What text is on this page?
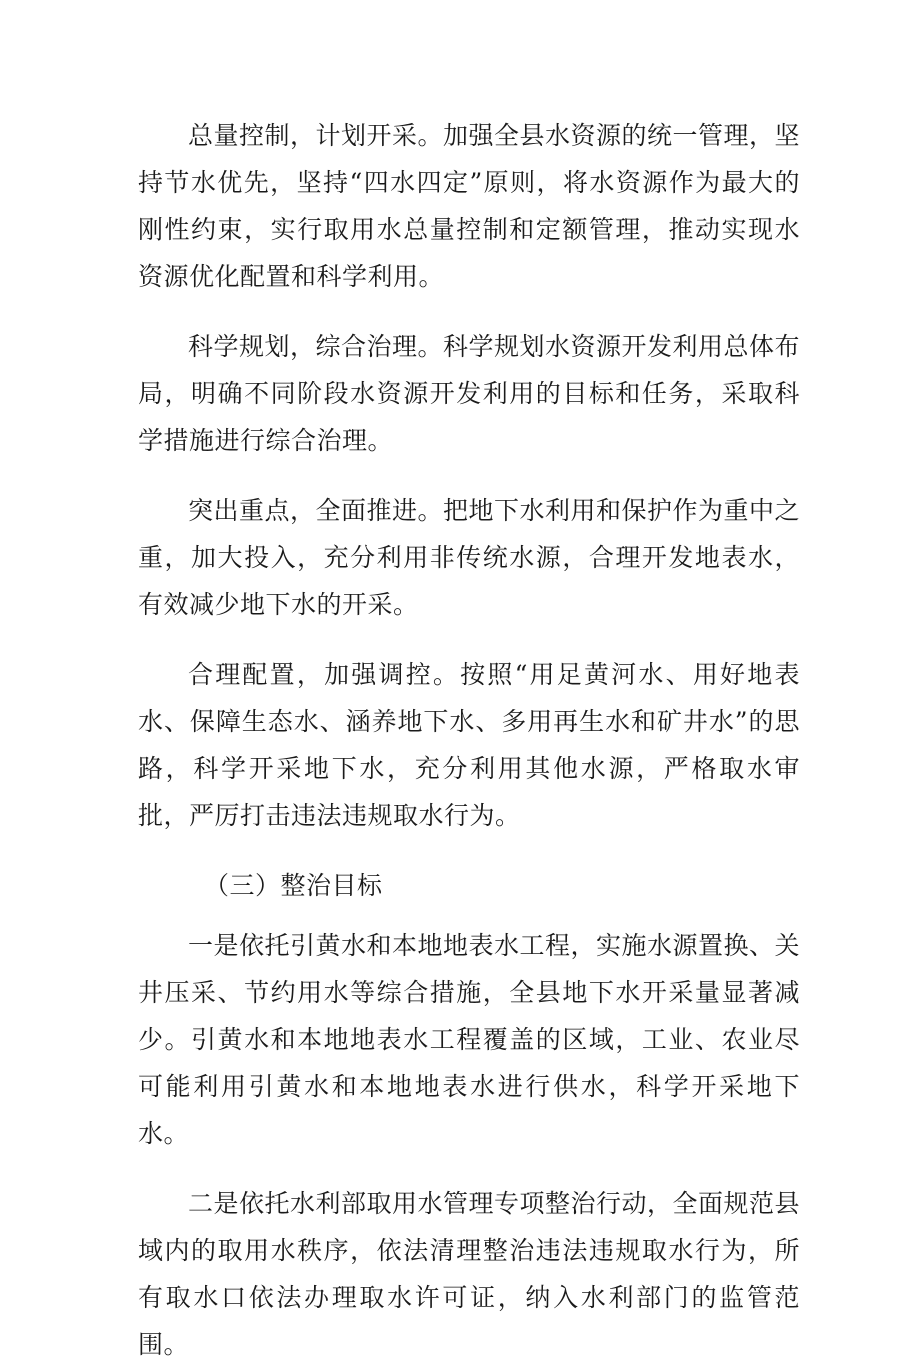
总量控制，计划开采。加强全县水资源的统一管理，坚持节水优先，坚持“四水四定”原则，将水资源作为最大的刚性约束，实行取用水总量控制和定额管理，推动实现水资源优化配置和科学利用。

科学规划，综合治理。科学规划水资源开发利用总体布局，明确不同阶段水资源开发利用的目标和任务，采取科学措施进行综合治理。

突出重点，全面推进。把地下水利用和保护作为重中之重，加大投入，充分利用非传统水源，合理开发地表水，有效减少地下水的开采。

合理配置，加强调控。按照“用足黄河水、用好地表水、保障生态水、涵养地下水、多用再生水和矿井水”的思路，科学开采地下水，充分利用其他水源，严格取水审批，严厉打击违法违规取水行为。

（三）整治目标

一是依托引黄水和本地地表水工程，实施水源置换、关井压采、节约用水等综合措施，全县地下水开采量显著减少。引黄水和本地地表水工程覆盖的区域，工业、农业尽可能利用引黄水和本地地表水进行供水，科学开采地下水。

二是依托水利部取用水管理专项整治行动，全面规范县域内的取用水秩序，依法清理整治违法违规取水行为，所有取水口依法办理取水许可证，纳入水利部门的监管范围。
